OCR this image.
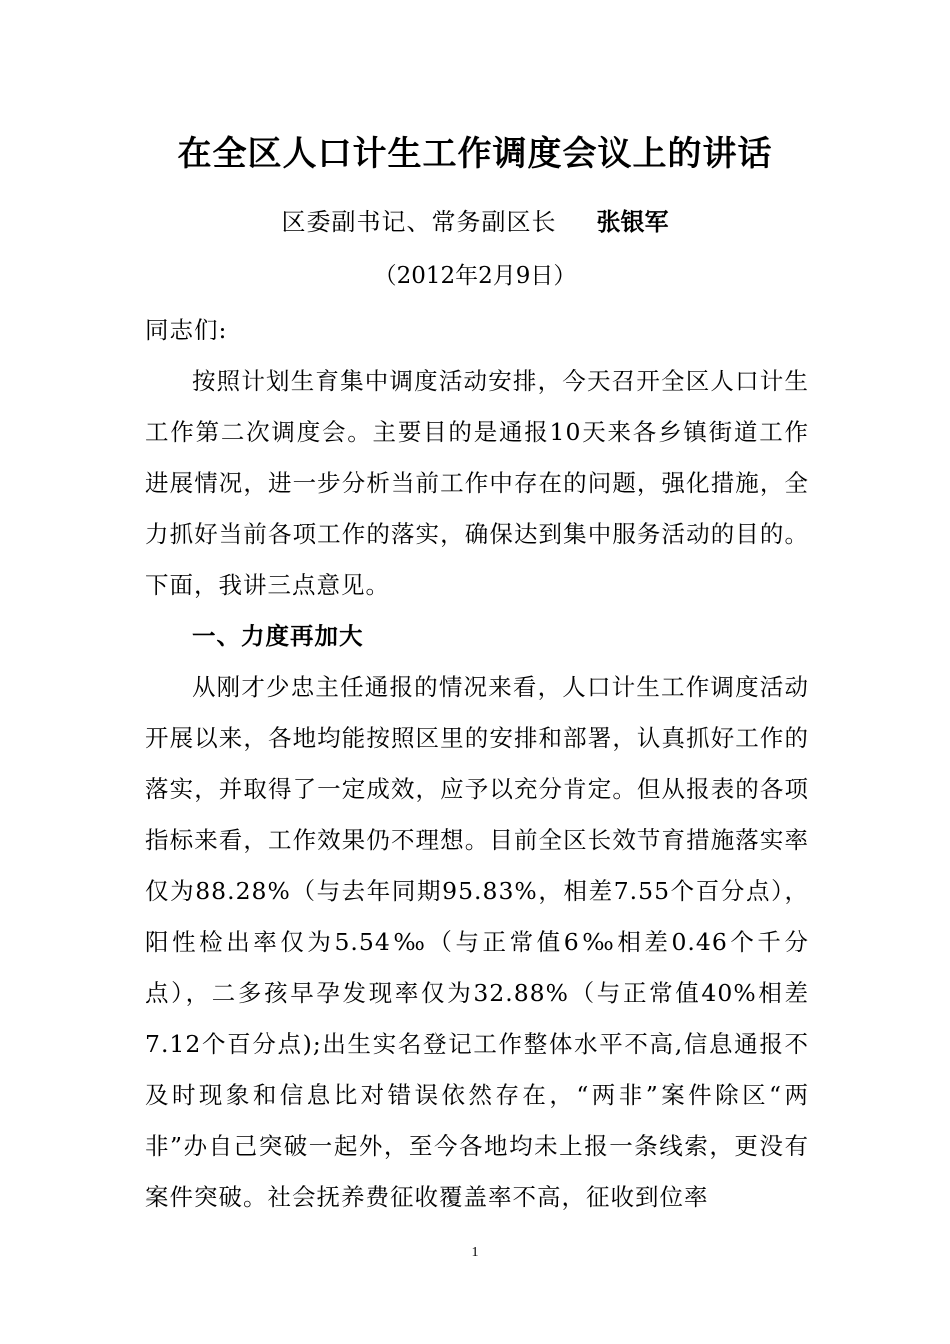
在全区人口计生工作调度会议上的讲话
区委副书记、常务副区长 张银军
（2012年2月9日）

同志们:

按照计划生育集中调度活动安排，今天召开全区人口计生工作第二次调度会。主要目的是通报10天来各乡镇街道工作进展情况，进一步分析当前工作中存在的问题，强化措施，全力抓好当前各项工作的落实，确保达到集中服务活动的目的。下面，我讲三点意见。

一、力度再加大

从刚才少忠主任通报的情况来看，人口计生工作调度活动开展以来，各地均能按照区里的安排和部署，认真抓好工作的落实，并取得了一定成效，应予以充分肯定。但从报表的各项指标来看，工作效果仍不理想。目前全区长效节育措施落实率仅为88.28%（与去年同期95.83%，相差7.55个百分点），阳性检出率仅为5.54‰（与正常值6‰相差0.46个千分点），二多孩早孕发现率仅为32.88%（与正常值40%相差7.12个百分点);出生实名登记工作整体水平不高,信息通报不及时现象和信息比对错误依然存在，“两非”案件除区“两非”办自己突破一起外，至今各地均未上报一条线索，更没有案件突破。社会抚养费征收覆盖率不高，征收到位率

1
